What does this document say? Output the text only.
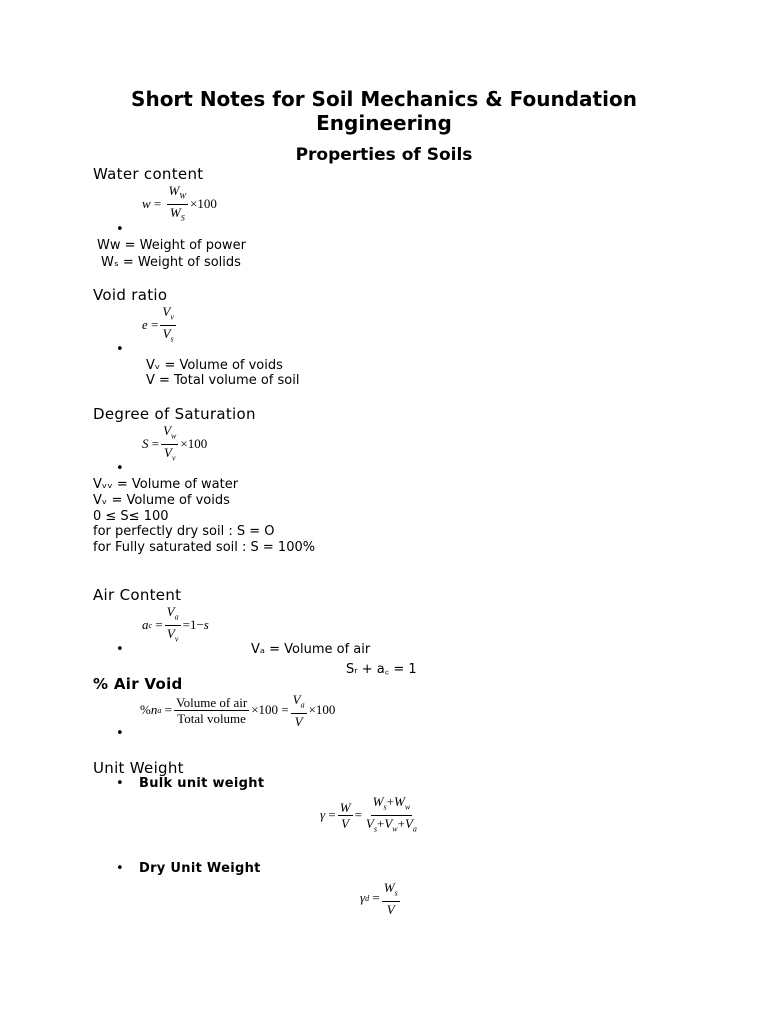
Short Notes for Soil Mechanics & Foundation
Engineering
Properties of Soils
Water content
$w = \frac{W_W}{W_S} \times 100$
•
Wᴡ = Weight of power
Wₛ = Weight of solids
Void ratio
$e = \frac{V_v}{V_s}$
•
Vᵥ = Volume of voids
V = Total volume of soil
Degree of Saturation
$S = \frac{V_w}{V_v} \times 100$
•
Vᵥᵥ = Volume of water
Vᵥ = Volume of voids
0 ≤ S≤ 100
for perfectly dry soil : S = O
for Fully saturated soil : S = 100%
Air Content
a $c = \frac{V_a}{V_v} =1- s$
•	Vₐ = Volume of air
Sᵣ + a꜀ = 1
% Air Void
% n $a = \frac{\text{Volume of air}}{\text{Total volume}} \times 100 = \frac{V_a}{V} \times 100$
•
Unit Weight
• Bulk unit weight
$\gamma = \frac{W}{V} = \frac{W_s+W_w}{V_s+V_w+V_a}$
• Dry Unit Weight
γ $d = \frac{W_s}{V}$
